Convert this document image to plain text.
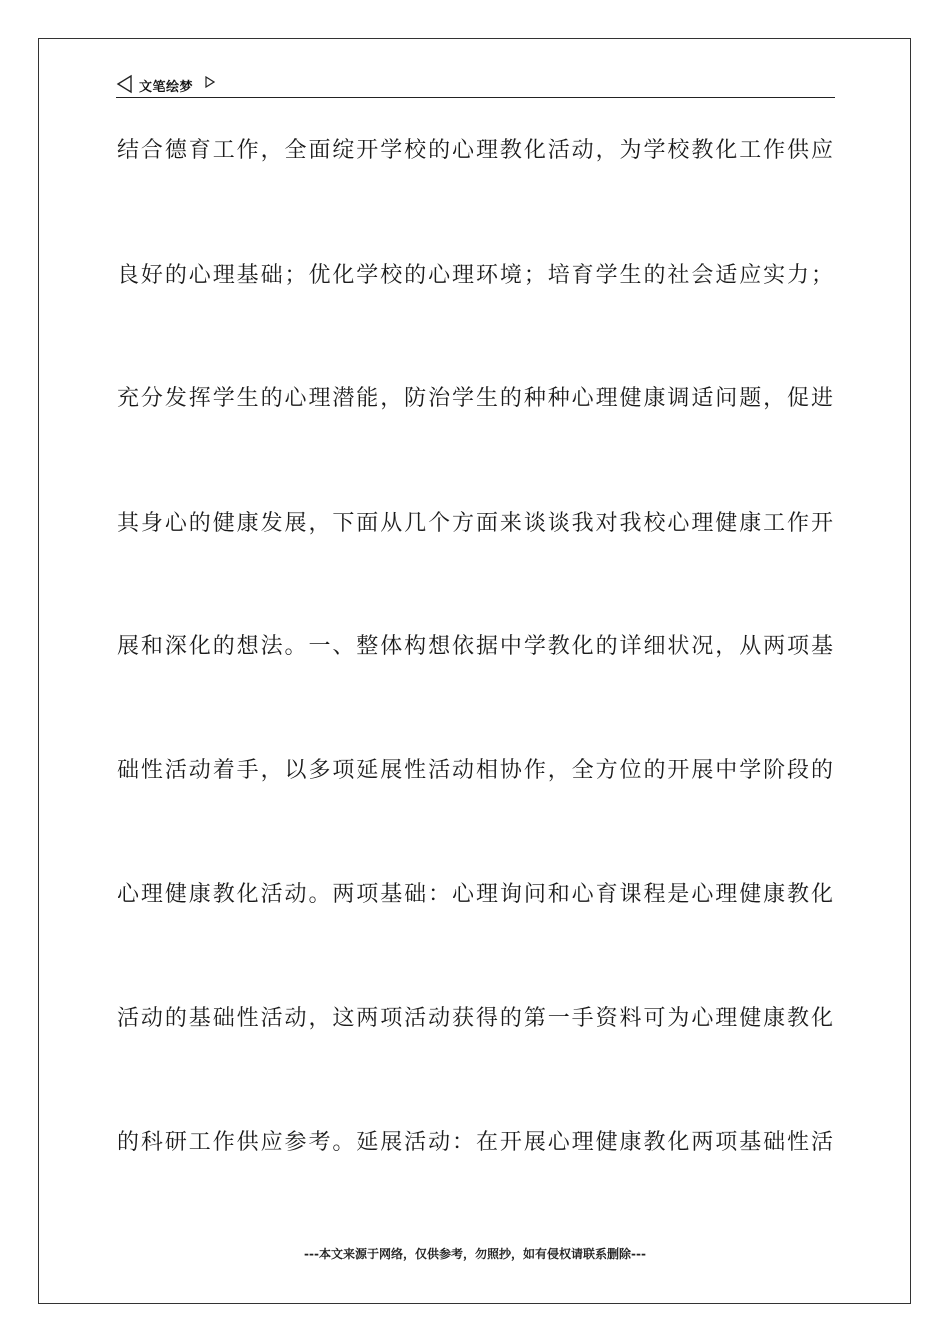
文笔绘梦
结合德育工作，全面绽开学校的心理教化活动，为学校教化工作供应
良好的心理基础；优化学校的心理环境；培育学生的社会适应实力；
充分发挥学生的心理潜能，防治学生的种种心理健康调适问题，促进
其身心的健康发展，下面从几个方面来谈谈我对我校心理健康工作开
展和深化的想法。一、整体构想依据中学教化的详细状况，从两项基
础性活动着手，以多项延展性活动相协作，全方位的开展中学阶段的
心理健康教化活动。两项基础：心理询问和心育课程是心理健康教化
活动的基础性活动，这两项活动获得的第一手资料可为心理健康教化
的科研工作供应参考。延展活动：在开展心理健康教化两项基础性活
---本文来源于网络，仅供参考，勿照抄，如有侵权请联系删除---
